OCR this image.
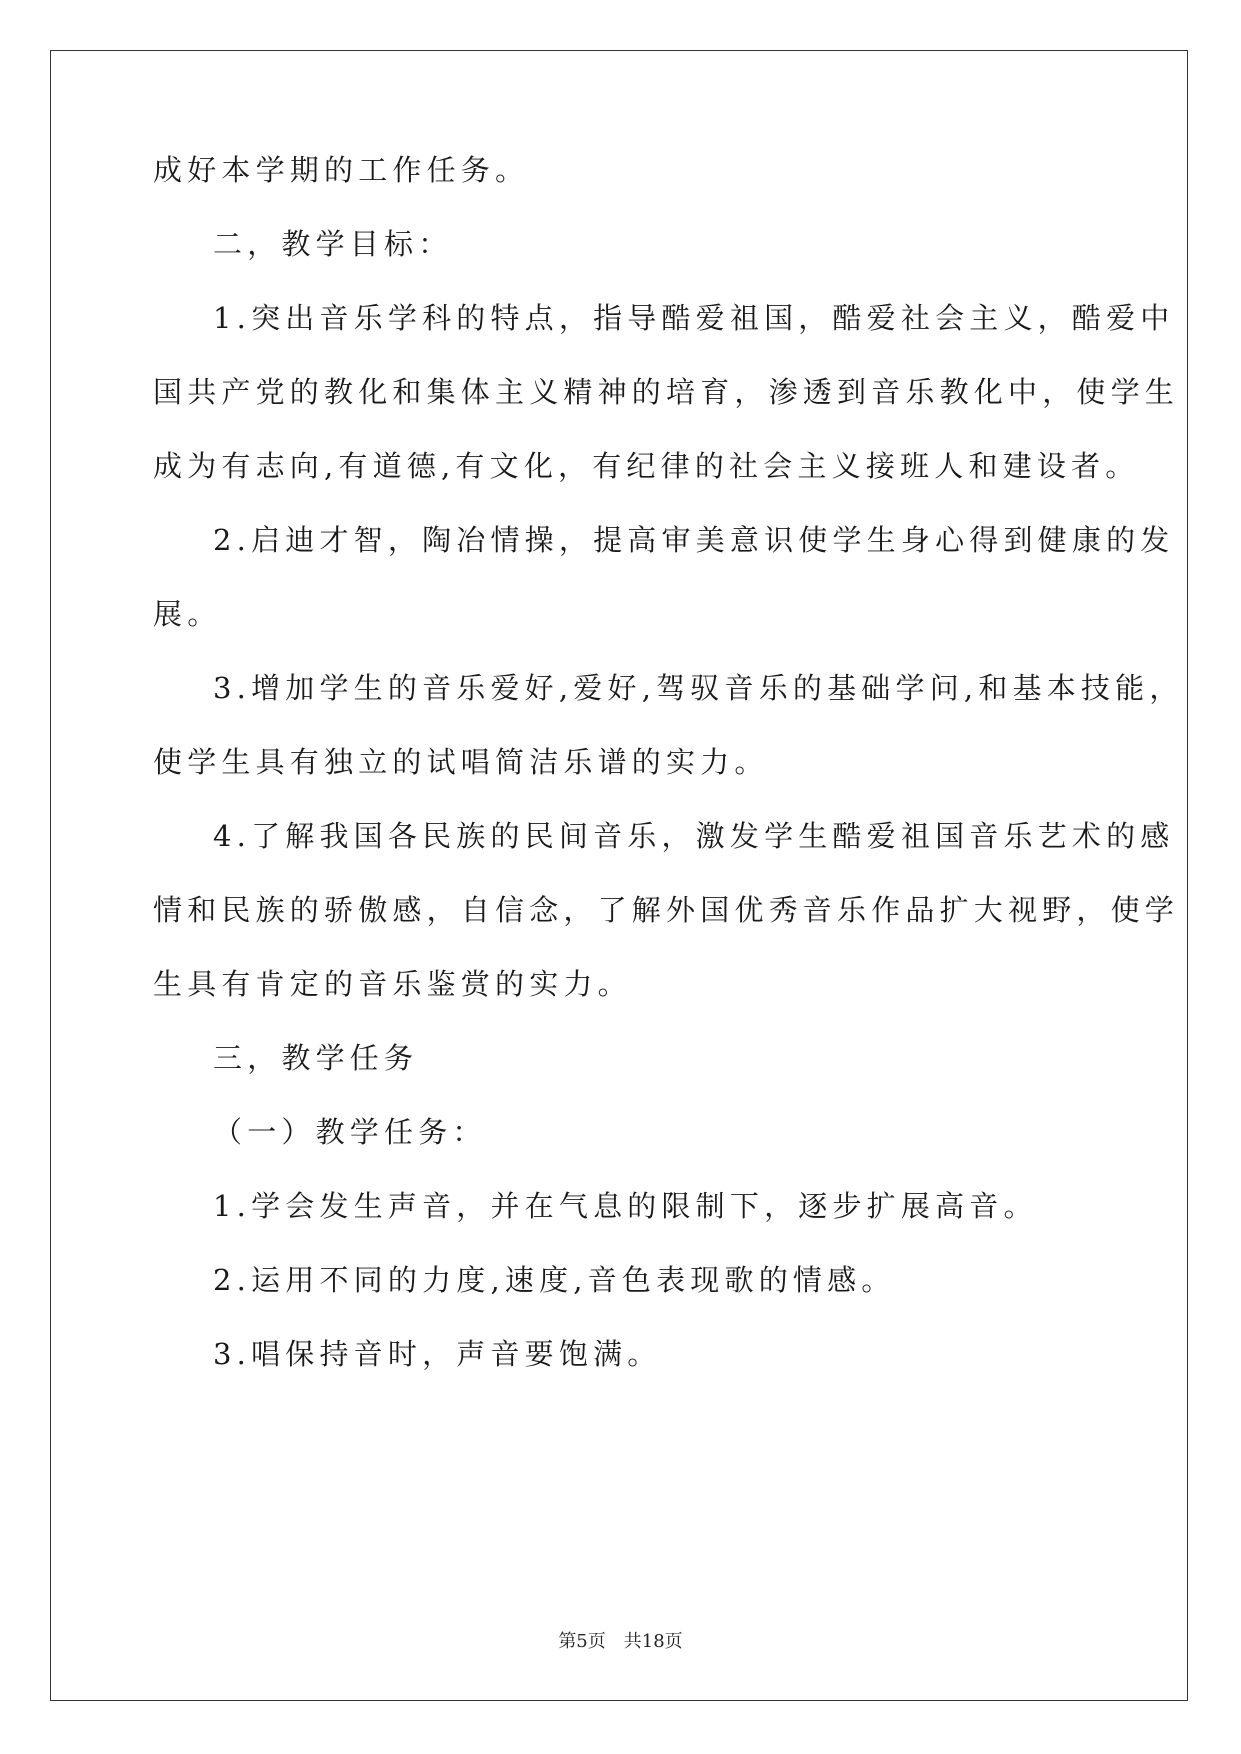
成好本学期的工作任务。
二，教学目标：
1.突出音乐学科的特点，指导酷爱祖国，酷爱社会主义，酷爱中
国共产党的教化和集体主义精神的培育，渗透到音乐教化中，使学生
成为有志向,有道德,有文化，有纪律的社会主义接班人和建设者。
2.启迪才智，陶冶情操，提高审美意识使学生身心得到健康的发
展。
3.增加学生的音乐爱好,爱好,驾驭音乐的基础学问,和基本技能，
使学生具有独立的试唱简洁乐谱的实力。
4.了解我国各民族的民间音乐，激发学生酷爱祖国音乐艺术的感
情和民族的骄傲感，自信念，了解外国优秀音乐作品扩大视野，使学
生具有肯定的音乐鉴赏的实力。
三，教学任务
（一）教学任务：
1.学会发生声音，并在气息的限制下，逐步扩展高音。
2.运用不同的力度,速度,音色表现歌的情感。
3.唱保持音时，声音要饱满。
第5页　共18页
